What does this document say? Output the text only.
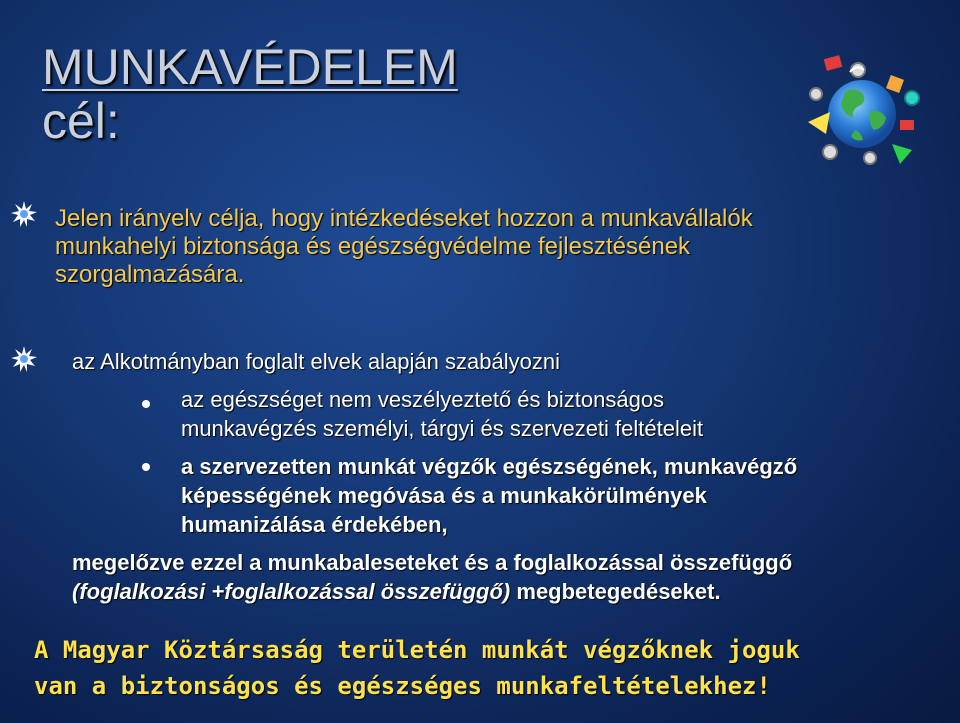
MUNKAVÉDELEM
cél:
Jelen irányelv célja, hogy intézkedéseket hozzon a munkavállalók
munkahelyi biztonsága és egészségvédelme fejlesztésének
szorgalmazására.
az Alkotmányban foglalt elvek alapján szabályozni
az egészséget nem veszélyeztető és biztonságos
munkavégzés személyi, tárgyi és szervezeti feltételeit
a szervezetten munkát végzők egészségének, munkavégző
képességének megóvása és a munkakörülmények
humanizálása érdekében,
megelőzve ezzel a munkabaleseteket és a foglalkozással összefüggő
(foglalkozási +foglalkozással összefüggő) megbetegedéseket.
A Magyar Köztársaság területén munkát végzőknek joguk
van a biztonságos és egészséges munkafeltételekhez!
